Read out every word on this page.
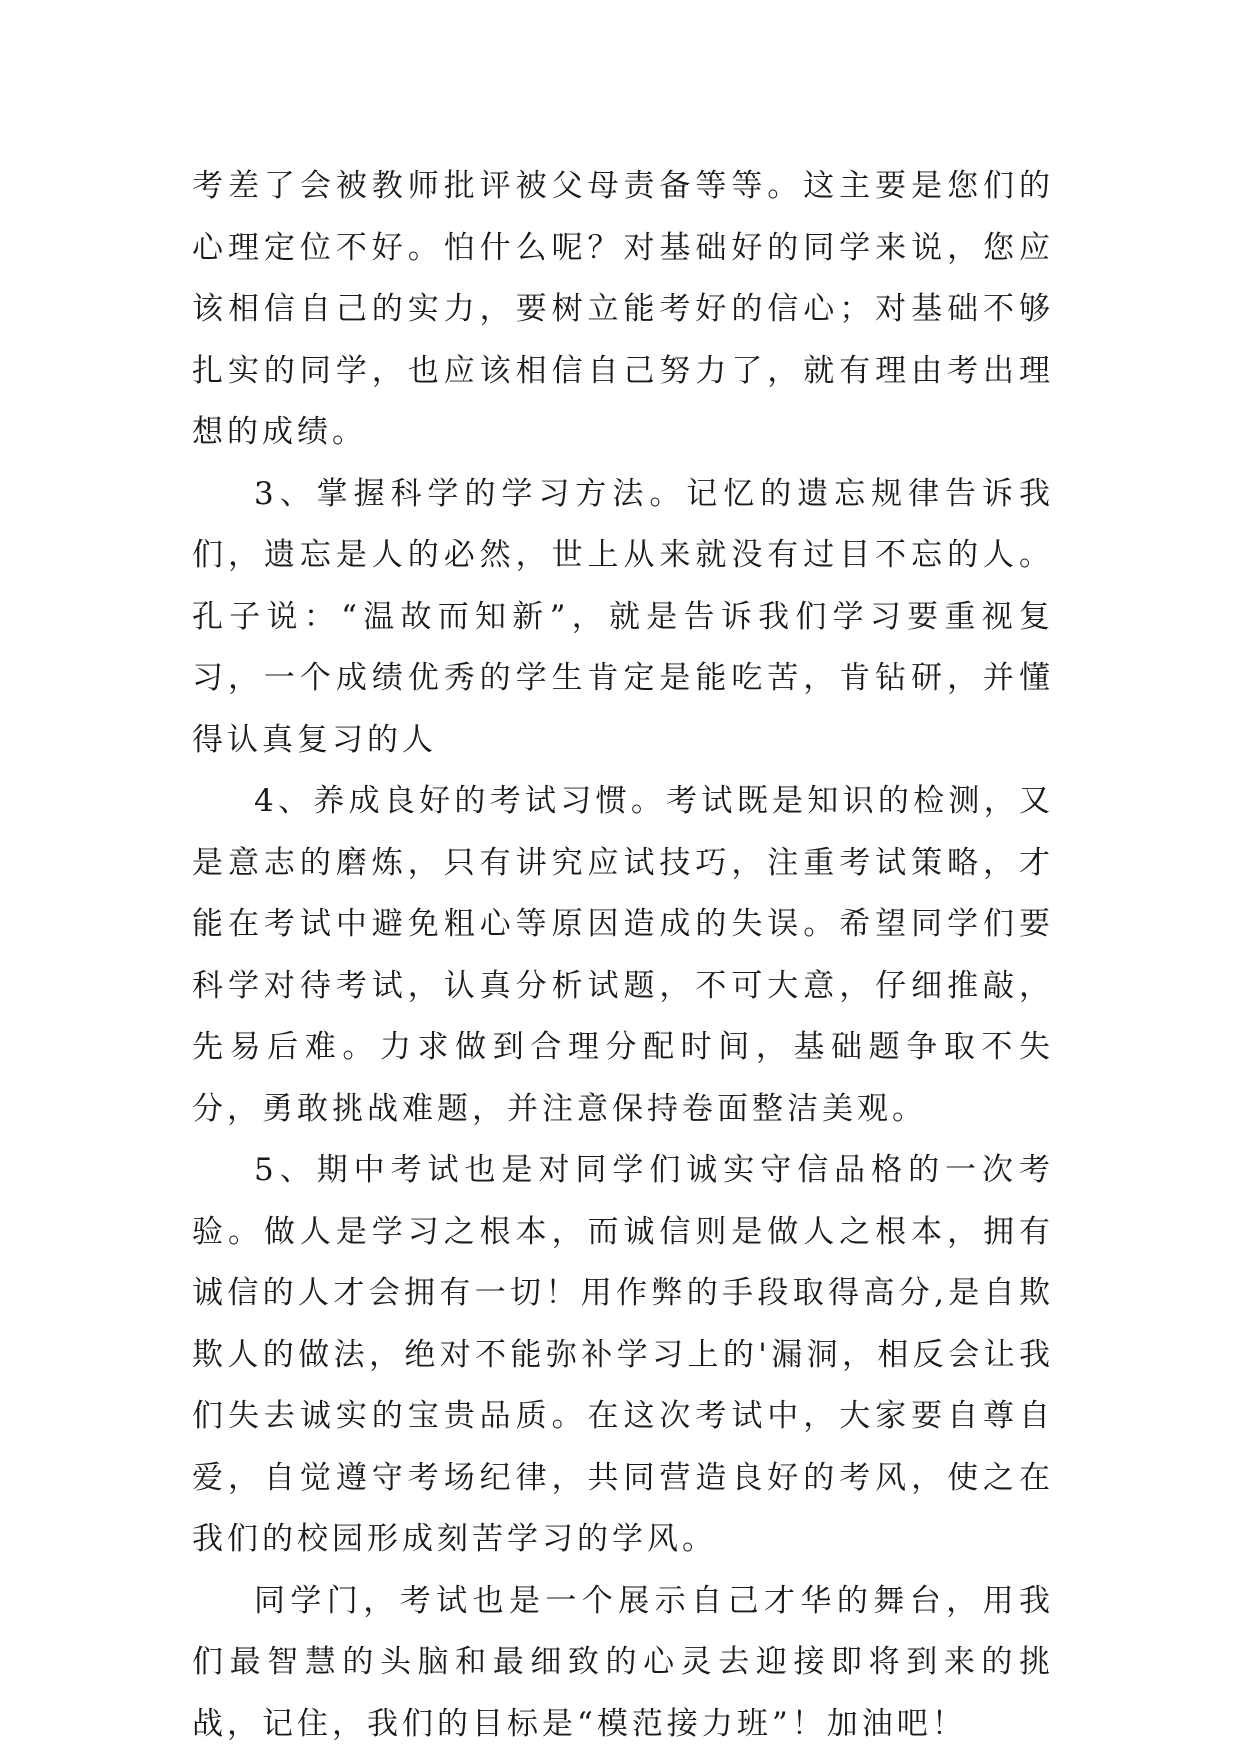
考差了会被教师批评被父母责备等等。这主要是您们的心理定位不好。怕什么呢？对基础好的同学来说，您应该相信自己的实力，要树立能考好的信心；对基础不够扎实的同学，也应该相信自己努力了，就有理由考出理想的成绩。

3、掌握科学的学习方法。记忆的遗忘规律告诉我们，遗忘是人的必然，世上从来就没有过目不忘的人。孔子说：“温故而知新”，就是告诉我们学习要重视复习，一个成绩优秀的学生肯定是能吃苦，肯钻研，并懂得认真复习的人

4、养成良好的考试习惯。考试既是知识的检测，又是意志的磨炼，只有讲究应试技巧，注重考试策略，才能在考试中避免粗心等原因造成的失误。希望同学们要科学对待考试，认真分析试题，不可大意，仔细推敲，先易后难。力求做到合理分配时间，基础题争取不失分，勇敢挑战难题，并注意保持卷面整洁美观。

5、期中考试也是对同学们诚实守信品格的一次考验。做人是学习之根本，而诚信则是做人之根本，拥有诚信的人才会拥有一切！用作弊的手段取得高分,是自欺欺人的做法，绝对不能弥补学习上的'漏洞，相反会让我们失去诚实的宝贵品质。在这次考试中，大家要自尊自爱，自觉遵守考场纪律，共同营造良好的考风，使之在我们的校园形成刻苦学习的学风。

同学门，考试也是一个展示自己才华的舞台，用我们最智慧的头脑和最细致的心灵去迎接即将到来的挑战，记住，我们的目标是“模范接力班”！加油吧！
